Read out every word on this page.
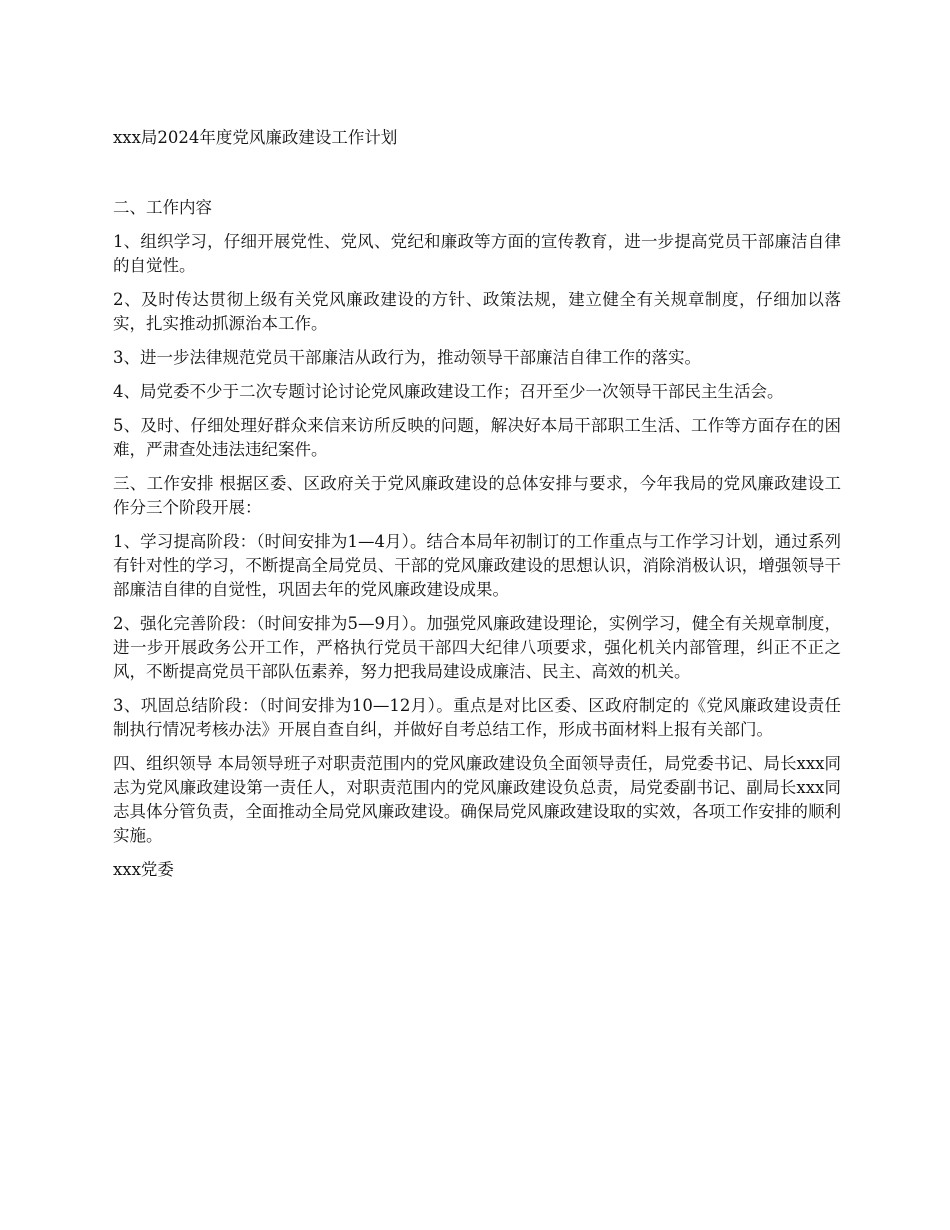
xxx局2024年度党风廉政建设工作计划

二、工作内容

1、组织学习，仔细开展党性、党风、党纪和廉政等方面的宣传教育，进一步提高党员干部廉洁自律的自觉性。

2、及时传达贯彻上级有关党风廉政建设的方针、政策法规，建立健全有关规章制度，仔细加以落实，扎实推动抓源治本工作。

3、进一步法律规范党员干部廉洁从政行为，推动领导干部廉洁自律工作的落实。

4、局党委不少于二次专题讨论讨论党风廉政建设工作；召开至少一次领导干部民主生活会。

5、及时、仔细处理好群众来信来访所反映的问题，解决好本局干部职工生活、工作等方面存在的困难，严肃查处违法违纪案件。

三、工作安排 根据区委、区政府关于党风廉政建设的总体安排与要求，今年我局的党风廉政建设工作分三个阶段开展：

1、学习提高阶段：（时间安排为1—4月）。结合本局年初制订的工作重点与工作学习计划，通过系列有针对性的学习，不断提高全局党员、干部的党风廉政建设的思想认识，消除消极认识，增强领导干部廉洁自律的自觉性，巩固去年的党风廉政建设成果。

2、强化完善阶段：（时间安排为5—9月）。加强党风廉政建设理论，实例学习，健全有关规章制度，进一步开展政务公开工作，严格执行党员干部四大纪律八项要求，强化机关内部管理，纠正不正之风，不断提高党员干部队伍素养，努力把我局建设成廉洁、民主、高效的机关。

3、巩固总结阶段：（时间安排为10—12月）。重点是对比区委、区政府制定的《党风廉政建设责任制执行情况考核办法》开展自查自纠，并做好自考总结工作，形成书面材料上报有关部门。

四、组织领导 本局领导班子对职责范围内的党风廉政建设负全面领导责任，局党委书记、局长xxx同志为党风廉政建设第一责任人，对职责范围内的党风廉政建设负总责，局党委副书记、副局长xxx同志具体分管负责，全面推动全局党风廉政建设。确保局党风廉政建设取的实效，各项工作安排的顺利实施。

xxx党委
